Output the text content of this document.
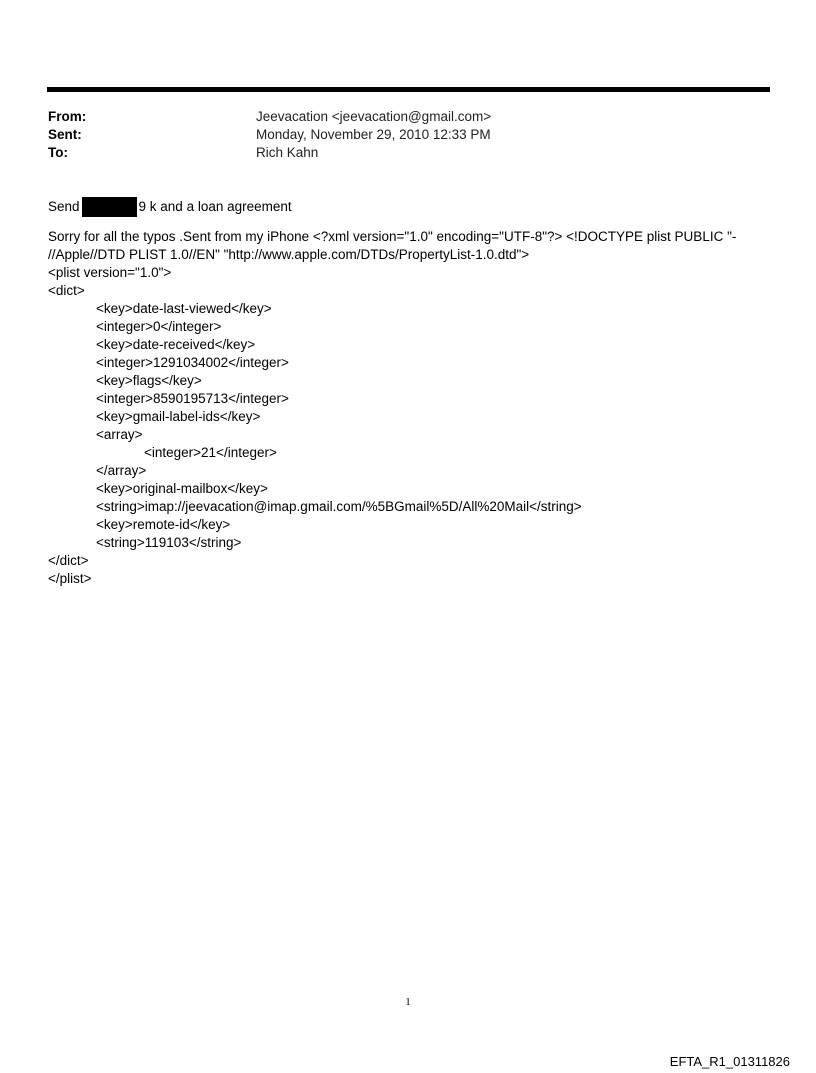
From:	Jeevacation <jeevacation@gmail.com>
Sent:	Monday, November 29, 2010 12:33 PM
To:	Rich Kahn
Send	9 k and a loan agreement
Sorry for all the typos .Sent from my iPhone <?xml version="1.0" encoding="UTF-8"?> <!DOCTYPE plist PUBLIC "-
//Apple//DTD PLIST 1.0//EN" "http://www.apple.com/DTDs/PropertyList-1.0.dtd">
<plist version="1.0">
<dict>
<key>date-last-viewed</key>
<integer>0</integer>
<key>date-received</key>
<integer>1291034002</integer>
<key>flags</key>
<integer>8590195713</integer>
<key>gmail-label-ids</key>
<array>
<integer>21</integer>
</array>
<key>original-mailbox</key>
<string>imap://jeevacation@imap.gmail.com/%5BGmail%5D/All%20Mail</string>
<key>remote-id</key>
<string>119103</string>
</dict>
</plist>
1
EFTA_R1_01311826
